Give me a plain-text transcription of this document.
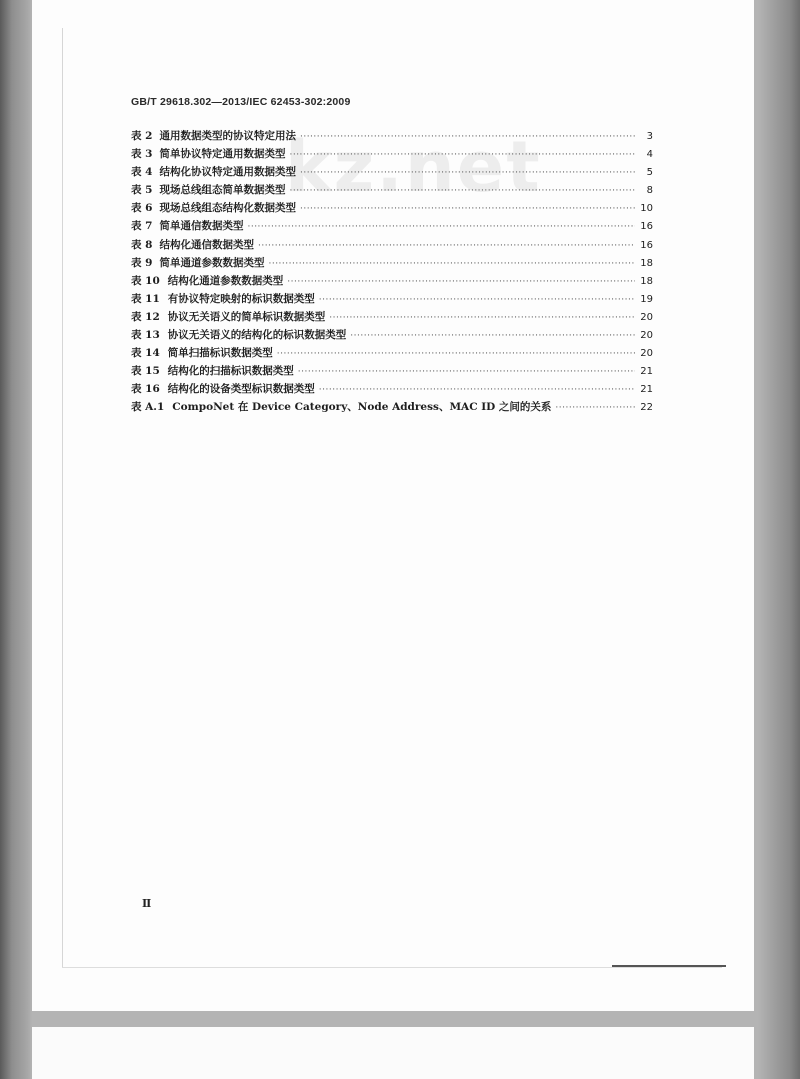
GB/T 29618.302—2013/IEC 62453-302:2009
kz.net
表 2 通用数据类型的协议特定用法 ·····	3
表 3 简单协议特定通用数据类型 ·····	4
表 4 结构化协议特定通用数据类型 ·····	5
表 5 现场总线组态简单数据类型 ·····	8
表 6 现场总线组态结构化数据类型 ·····	10
表 7 简单通信数据类型 ·····	16
表 8 结构化通信数据类型 ·····	16
表 9 简单通道参数数据类型 ·····	18
表 10 结构化通道参数数据类型 ·····	18
表 11 有协议特定映射的标识数据类型 ·····	19
表 12 协议无关语义的简单标识数据类型 ·····	20
表 13 协议无关语义的结构化的标识数据类型 ·····	20
表 14 简单扫描标识数据类型 ·····	20
表 15 结构化的扫描标识数据类型 ·····	21
表 16 结构化的设备类型标识数据类型 ·····	21
表 A.1 CompoNet 在 Device Category、Node Address、MAC ID 之间的关系 ·····	22
Ⅱ
